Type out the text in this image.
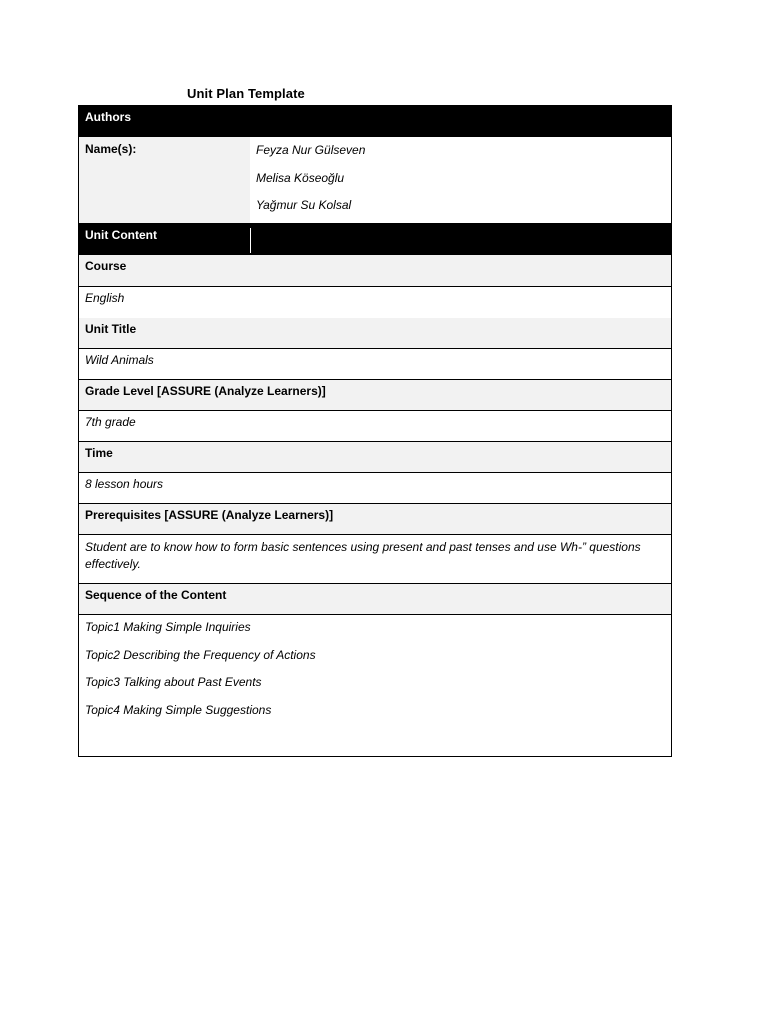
Unit Plan Template
Authors
Name(s):	Feyza Nur Gülseven
Melisa Köseoğlu
Yağmur Su Kolsal
Unit Content
Course
English
Unit Title
Wild Animals
Grade Level [ASSURE (Analyze Learners)]
7th grade
Time
8 lesson hours
Prerequisites [ASSURE (Analyze Learners)]
Student are to know how to form basic sentences using present and past tenses and use Wh-” questions effectively.
Sequence of the Content
Topic1 Making Simple Inquiries
Topic2 Describing the Frequency of Actions
Topic3 Talking about Past Events
Topic4 Making Simple Suggestions
